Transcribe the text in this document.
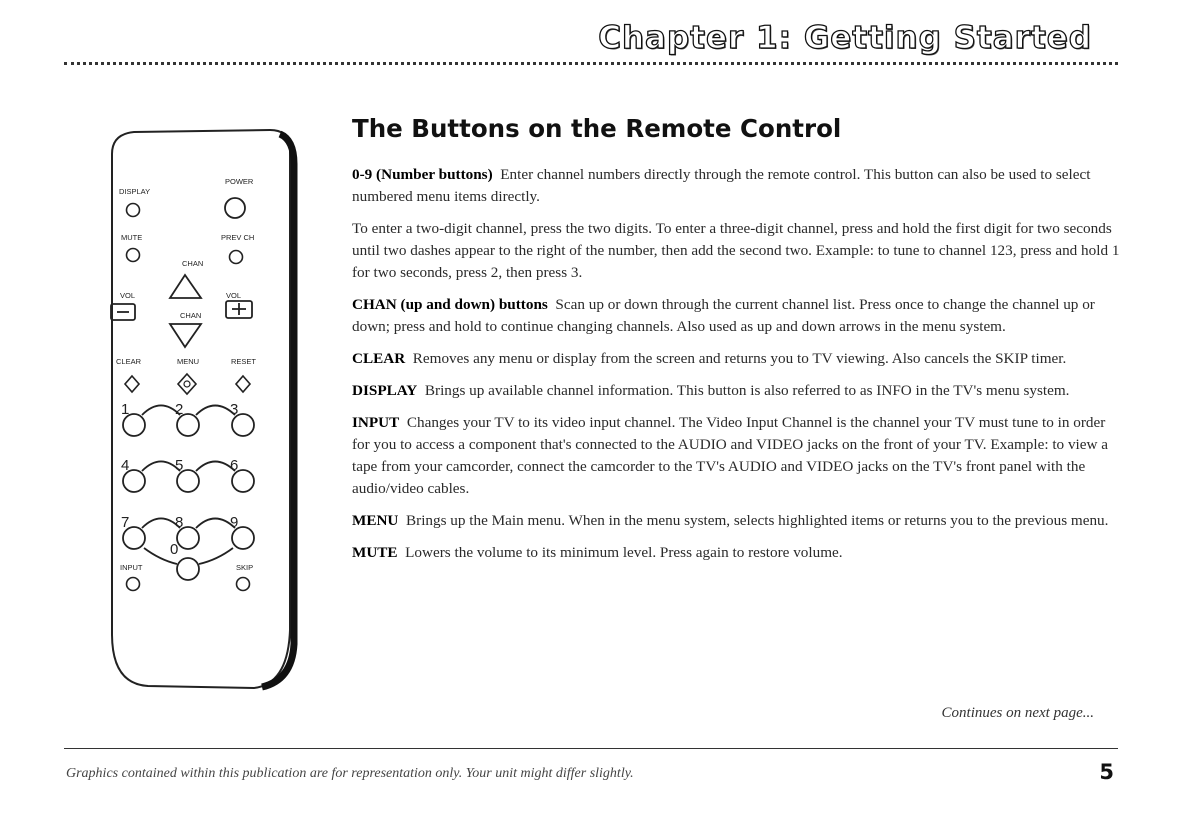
Chapter 1: Getting Started
DISPLAY
POWER
MUTE	PREV CH
CHAN
VOL	VOL
CHAN
CLEAR	MENU	RESET
1	2	3
4	5	6
7	8	9
0
INPUT	SKIP
The Buttons on the Remote Control

0-9 (Number buttons) Enter channel numbers directly through the remote control. This button can also be used to select numbered menu items directly.

To enter a two-digit channel, press the two digits. To enter a three-digit channel, press and hold the first digit for two seconds until two dashes appear to the right of the number, then add the second two. Example: to tune to channel 123, press and hold 1 for two seconds, press 2, then press 3.

CHAN (up and down) buttons Scan up or down through the current channel list. Press once to change the channel up or down; press and hold to continue changing channels. Also used as up and down arrows in the menu system.

CLEAR Removes any menu or display from the screen and returns you to TV viewing. Also cancels the SKIP timer.

DISPLAY Brings up available channel information. This button is also referred to as INFO in the TV's menu system.

INPUT Changes your TV to its video input channel. The Video Input Channel is the channel your TV must tune to in order for you to access a component that's connected to the AUDIO and VIDEO jacks on the front of your TV. Example: to view a tape from your camcorder, connect the camcorder to the TV's AUDIO and VIDEO jacks on the TV's front panel with the audio/video cables.

MENU Brings up the Main menu. When in the menu system, selects highlighted items or returns you to the previous menu.

MUTE Lowers the volume to its minimum level. Press again to restore volume.

Continues on next page...
Graphics contained within this publication are for representation only. Your unit might differ slightly.	5
